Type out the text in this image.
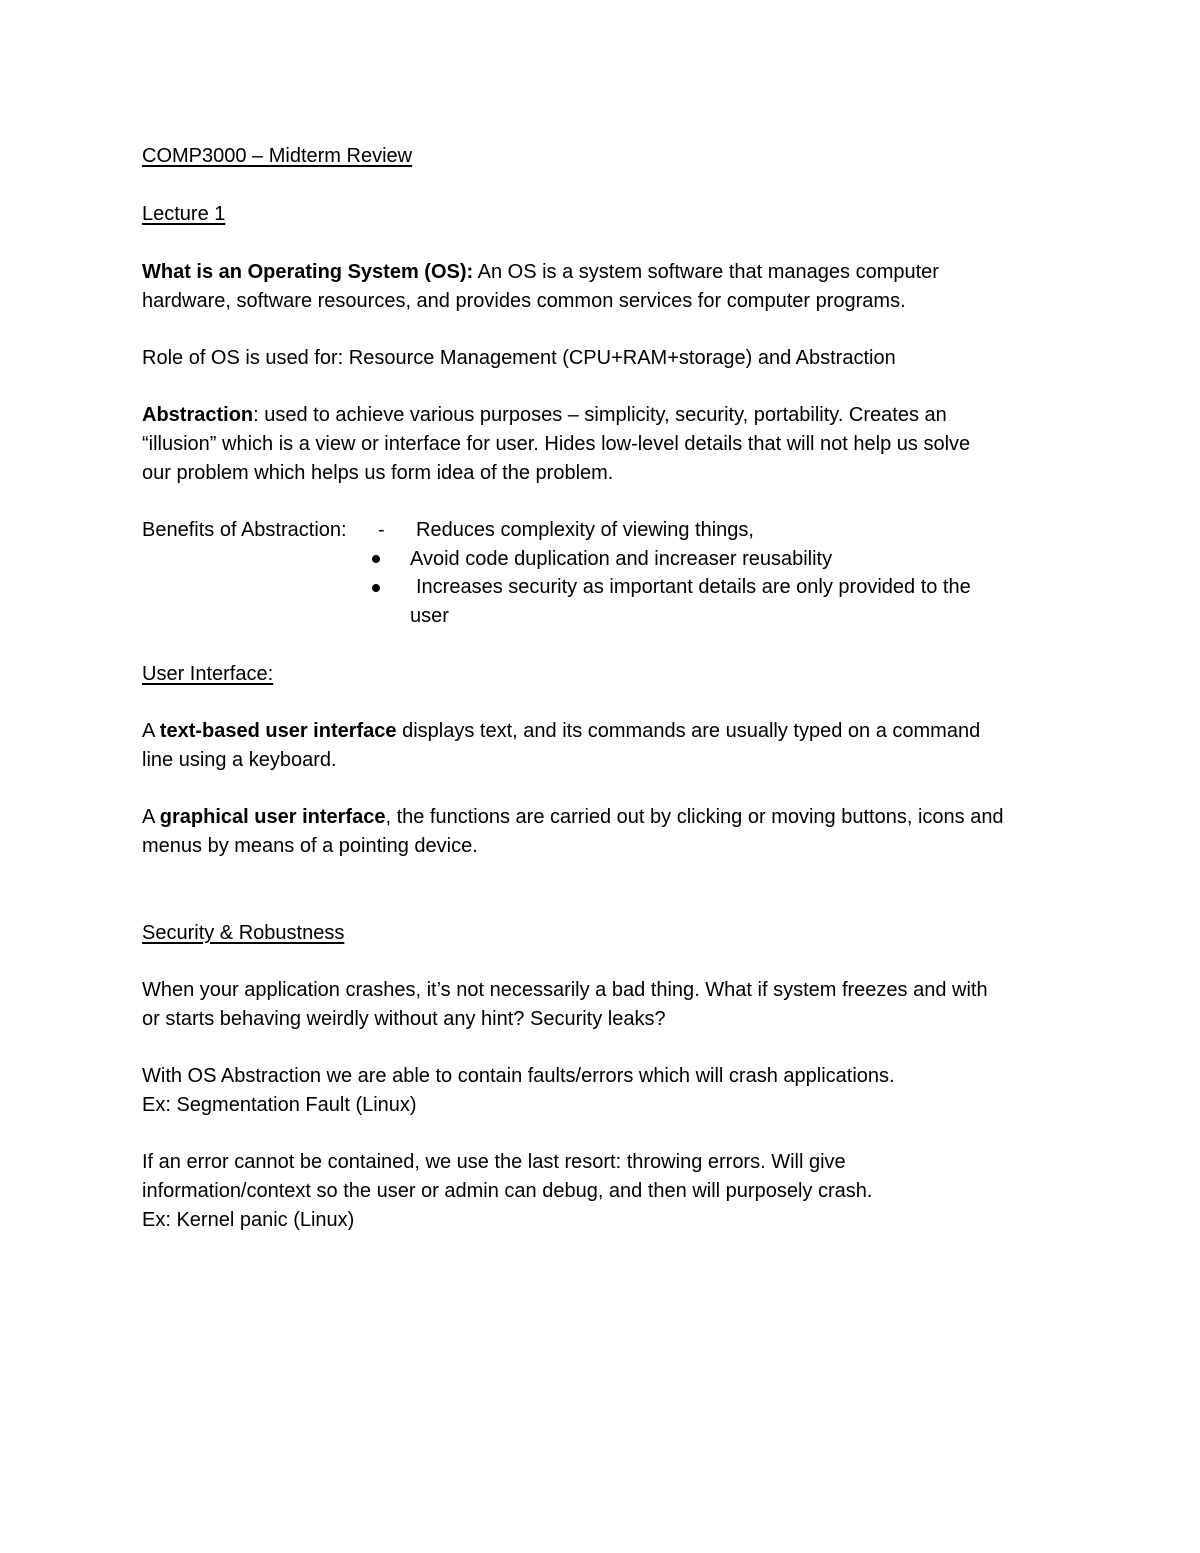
COMP3000 – Midterm Review
Lecture 1
What is an Operating System (OS): An OS is a system software that manages computer
hardware, software resources, and provides common services for computer programs.
Role of OS is used for: Resource Management (CPU+RAM+storage) and Abstraction
Abstraction: used to achieve various purposes – simplicity, security, portability. Creates an
“illusion” which is a view or interface for user. Hides low-level details that will not help us solve
our problem which helps us form idea of the problem.
Benefits of Abstraction: - Reduces complexity of viewing things,
Avoid code duplication and increaser reusability
Increases security as important details are only provided to the
user
User Interface:
A text-based user interface displays text, and its commands are usually typed on a command
line using a keyboard.
A graphical user interface, the functions are carried out by clicking or moving buttons, icons and
menus by means of a pointing device.
Security & Robustness
When your application crashes, it’s not necessarily a bad thing. What if system freezes and with
or starts behaving weirdly without any hint? Security leaks?
With OS Abstraction we are able to contain faults/errors which will crash applications.
Ex: Segmentation Fault (Linux)
If an error cannot be contained, we use the last resort: throwing errors. Will give
information/context so the user or admin can debug, and then will purposely crash.
Ex: Kernel panic (Linux)
